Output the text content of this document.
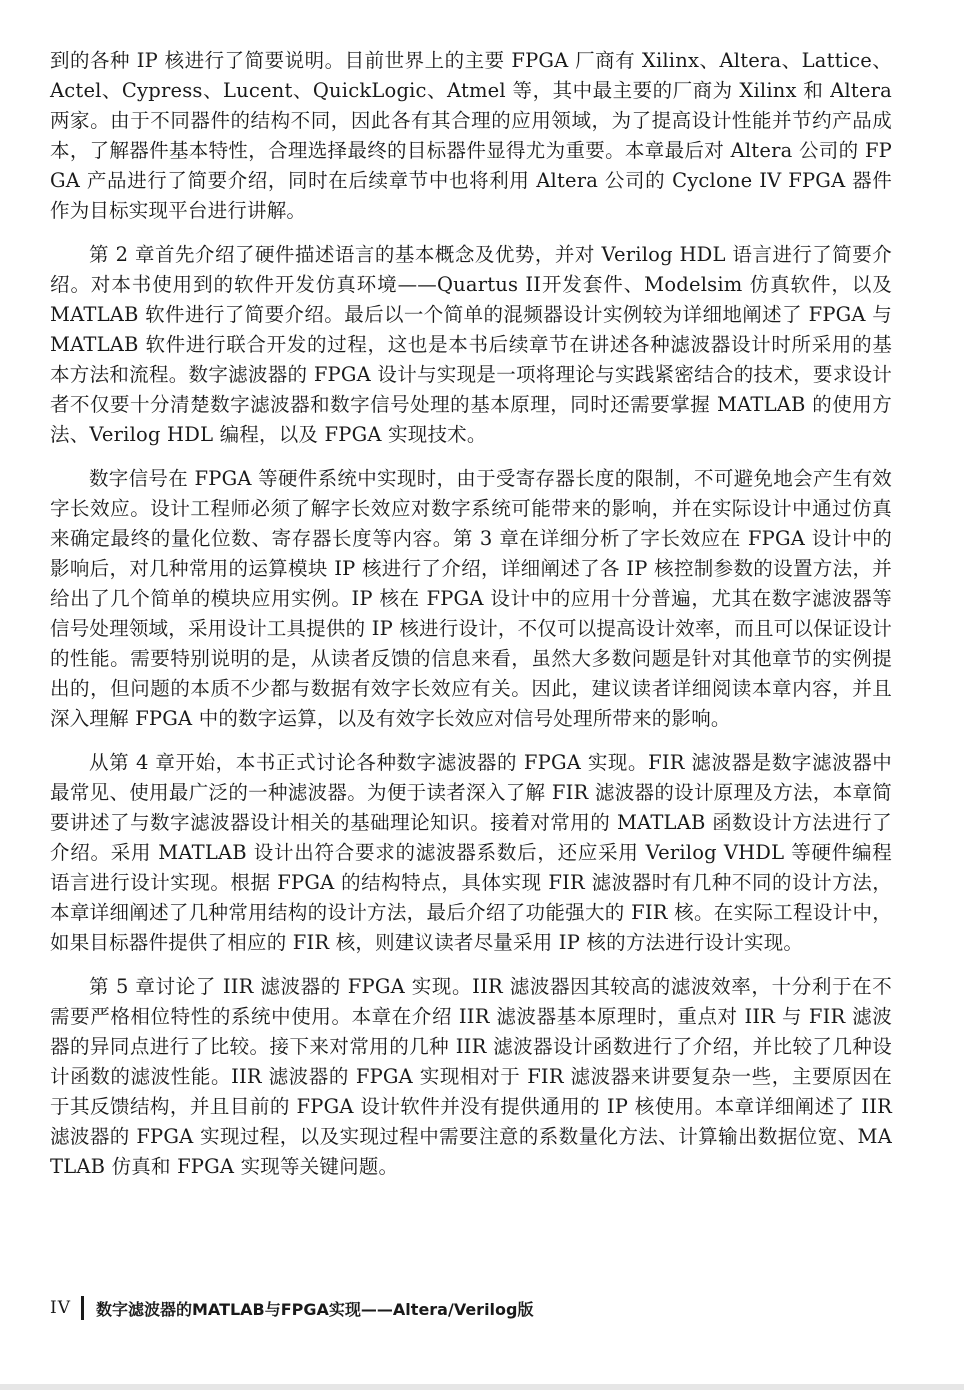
到的各种 IP 核进行了简要说明。目前世界上的主要 FPGA 厂商有 Xilinx、Altera、Lattice、Actel、Cypress、Lucent、QuickLogic、Atmel 等，其中最主要的厂商为 Xilinx 和 Altera 两家。由于不同器件的结构不同，因此各有其合理的应用领域，为了提高设计性能并节约产品成本，了解器件基本特性，合理选择最终的目标器件显得尤为重要。本章最后对 Altera 公司的 FPGA 产品进行了简要介绍，同时在后续章节中也将利用 Altera 公司的 Cyclone IV FPGA 器件作为目标实现平台进行讲解。

第 2 章首先介绍了硬件描述语言的基本概念及优势，并对 Verilog HDL 语言进行了简要介绍。对本书使用到的软件开发仿真环境——Quartus II开发套件、Modelsim 仿真软件，以及 MATLAB 软件进行了简要介绍。最后以一个简单的混频器设计实例较为详细地阐述了 FPGA 与 MATLAB 软件进行联合开发的过程，这也是本书后续章节在讲述各种滤波器设计时所采用的基本方法和流程。数字滤波器的 FPGA 设计与实现是一项将理论与实践紧密结合的技术，要求设计者不仅要十分清楚数字滤波器和数字信号处理的基本原理，同时还需要掌握 MATLAB 的使用方法、Verilog HDL 编程，以及 FPGA 实现技术。

数字信号在 FPGA 等硬件系统中实现时，由于受寄存器长度的限制，不可避免地会产生有效字长效应。设计工程师必须了解字长效应对数字系统可能带来的影响，并在实际设计中通过仿真来确定最终的量化位数、寄存器长度等内容。第 3 章在详细分析了字长效应在 FPGA 设计中的影响后，对几种常用的运算模块 IP 核进行了介绍，详细阐述了各 IP 核控制参数的设置方法，并给出了几个简单的模块应用实例。IP 核在 FPGA 设计中的应用十分普遍，尤其在数字滤波器等信号处理领域，采用设计工具提供的 IP 核进行设计，不仅可以提高设计效率，而且可以保证设计的性能。需要特别说明的是，从读者反馈的信息来看，虽然大多数问题是针对其他章节的实例提出的，但问题的本质不少都与数据有效字长效应有关。因此，建议读者详细阅读本章内容，并且深入理解 FPGA 中的数字运算，以及有效字长效应对信号处理所带来的影响。

从第 4 章开始，本书正式讨论各种数字滤波器的 FPGA 实现。FIR 滤波器是数字滤波器中最常见、使用最广泛的一种滤波器。为便于读者深入了解 FIR 滤波器的设计原理及方法，本章简要讲述了与数字滤波器设计相关的基础理论知识。接着对常用的 MATLAB 函数设计方法进行了介绍。采用 MATLAB 设计出符合要求的滤波器系数后，还应采用 Verilog VHDL 等硬件编程语言进行设计实现。根据 FPGA 的结构特点，具体实现 FIR 滤波器时有几种不同的设计方法，本章详细阐述了几种常用结构的设计方法，最后介绍了功能强大的 FIR 核。在实际工程设计中，如果目标器件提供了相应的 FIR 核，则建议读者尽量采用 IP 核的方法进行设计实现。

第 5 章讨论了 IIR 滤波器的 FPGA 实现。IIR 滤波器因其较高的滤波效率，十分利于在不需要严格相位特性的系统中使用。本章在介绍 IIR 滤波器基本原理时，重点对 IIR 与 FIR 滤波器的异同点进行了比较。接下来对常用的几种 IIR 滤波器设计函数进行了介绍，并比较了几种设计函数的滤波性能。IIR 滤波器的 FPGA 实现相对于 FIR 滤波器来讲要复杂一些，主要原因在于其反馈结构，并且目前的 FPGA 设计软件并没有提供通用的 IP 核使用。本章详细阐述了 IIR 滤波器的 FPGA 实现过程，以及实现过程中需要注意的系数量化方法、计算输出数据位宽、MATLAB 仿真和 FPGA 实现等关键问题。

IV 数字滤波器的MATLAB与FPGA实现——Altera/Verilog版
